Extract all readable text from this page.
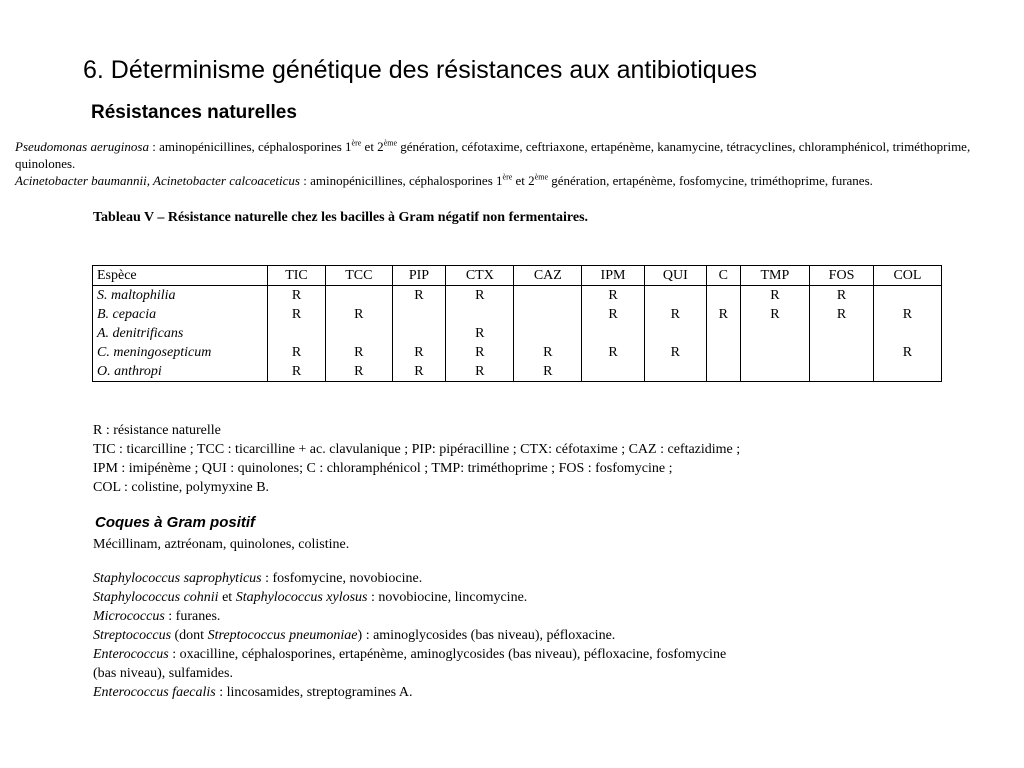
6. Déterminisme génétique des résistances aux antibiotiques
Résistances naturelles

Pseudomonas aeruginosa : aminopénicillines, céphalosporines 1ère et 2ème génération, céfotaxime, ceftriaxone, ertapénème, kanamycine, tétracyclines, chloramphénicol, triméthoprime, quinolones.

Acinetobacter baumannii, Acinetobacter calcoaceticus : aminopénicillines, céphalosporines 1ère et 2ème génération, ertapénème, fosfomycine, triméthoprime, furanes.

Tableau V – Résistance naturelle chez les bacilles à Gram négatif non fermentaires.

Espèce	TIC	TCC	PIP	CTX	CAZ	IPM	QUI	C	TMP	FOS	COL
S. maltophilia	R		R	R		R			R	R	
B. cepacia	R	R				R	R	R	R	R	R
A. denitrificans				R							
C. meningosepticum	R	R	R	R	R	R	R				R
O. anthropi	R	R	R	R	R						

R : résistance naturelle

TIC : ticarcilline ; TCC : ticarcilline + ac. clavulanique ; PIP: pipéracilline ; CTX: céfotaxime ; CAZ : ceftazidime ;

IPM : imipénème ; QUI : quinolones; C : chloramphénicol ; TMP: triméthoprime ; FOS : fosfomycine ;

COL : colistine, polymyxine B.

Coques à Gram positif

Mécillinam, aztréonam, quinolones, colistine.

Staphylococcus saprophyticus : fosfomycine, novobiocine.

Staphylococcus cohnii et Staphylococcus xylosus : novobiocine, lincomycine.

Micrococcus : furanes.

Streptococcus (dont Streptococcus pneumoniae) : aminoglycosides (bas niveau), péfloxacine.

Enterococcus : oxacilline, céphalosporines, ertapénème, aminoglycosides (bas niveau), péfloxacine, fosfomycine (bas niveau), sulfamides.

Enterococcus faecalis : lincosamides, streptogramines A.
